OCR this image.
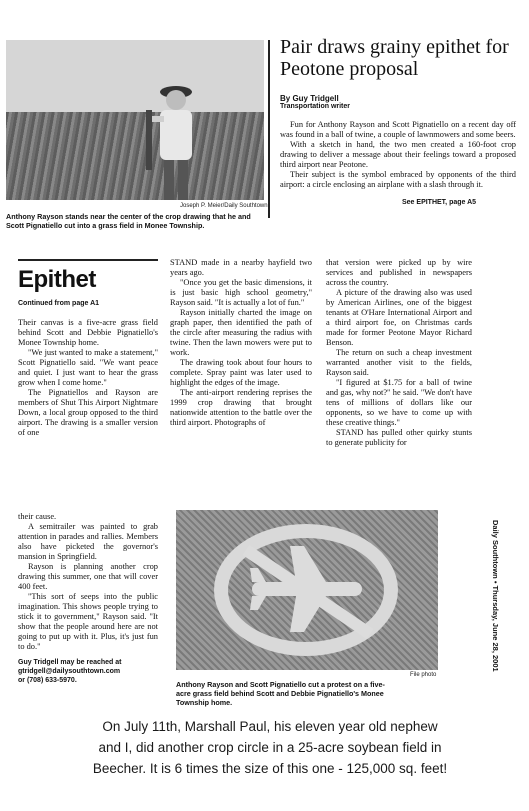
Joseph P. Meier/Daily Southtown
Anthony Rayson stands near the center of the crop drawing that he and Scott Pignatiello cut into a grass field in Monee Township.
Pair draws grainy epithet for Peotone proposal
By Guy Tridgell
Transportation writer

Fun for Anthony Rayson and Scott Pignatiello on a recent day off was found in a ball of twine, a couple of lawnmowers and some beers.

With a sketch in hand, the two men created a 160-foot crop drawing to deliver a message about their feelings toward a proposed third airport near Peotone.

Their subject is the symbol embraced by opponents of the third airport: a circle enclosing an airplane with a slash through it.

See EPITHET, page A5
Epithet
Continued from page A1

Their canvas is a five-acre grass field behind Scott and Debbie Pignatiello's Monee Township home.

"We just wanted to make a statement," Scott Pignatiello said. "We want peace and quiet. I just want to hear the grass grow when I come home."

The Pignatiellos and Rayson are members of Shut This Airport Nightmare Down, a local group opposed to the third airport. The drawing is a smaller version of one

STAND made in a nearby hayfield two years ago.

"Once you get the basic dimensions, it is just basic high school geometry," Rayson said. "It is actually a lot of fun."

Rayson initially charted the image on graph paper, then identified the path of the circle after measuring the radius with twine. Then the lawn mowers were put to work.

The drawing took about four hours to complete. Spray paint was later used to highlight the edges of the image.

The anti-airport rendering reprises the 1999 crop drawing that brought nationwide attention to the battle over the third airport. Photographs of

that version were picked up by wire services and published in newspapers across the country.

A picture of the drawing also was used by American Airlines, one of the biggest tenants at O'Hare International Airport and a third airport foe, on Christmas cards made for former Peotone Mayor Richard Benson.

The return on such a cheap investment warranted another visit to the fields, Rayson said.

"I figured at $1.75 for a ball of twine and gas, why not?" he said. "We don't have tens of millions of dollars like our opponents, so we have to come up with these creative things."

STAND has pulled other quirky stunts to generate publicity for

their cause.

A semitrailer was painted to grab attention in parades and rallies. Members also have picketed the governor's mansion in Springfield.

Rayson is planning another crop drawing this summer, one that will cover 400 feet.

"This sort of seeps into the public imagination. This shows people trying to stick it to government," Rayson said. "It show that the people around here are not going to put up with it. Plus, it's just fun to do."

Guy Tridgell may be reached at
gtridgell@dailysouthtown.com
or (708) 633-5970.
File photo
Anthony Rayson and Scott Pignatiello cut a protest on a five-acre grass field behind Scott and Debbie Pignatiello's Monee Township home.
Daily Southtown • Thursday, June 28, 2001
On July 11th, Marshall Paul, his eleven year old nephew
and I, did another crop circle in a 25-acre soybean field in
Beecher. It is 6 times the size of this one - 125,000 sq. feet!
